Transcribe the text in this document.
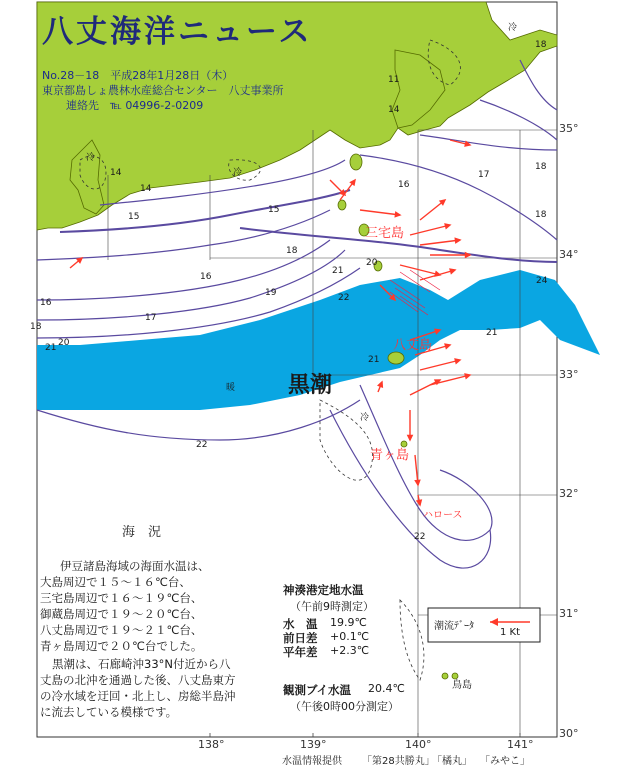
八丈海洋ニュース
No.28－18　平成28年1月28日（木）
東京都島しょ農林水産総合センター　八丈事業所
連絡先　℡ 04996-2-0209
黒潮
三宅島
八丈島
青ヶ島
鳥島
ハロース
14
14
15
15
16
16
16
17
18
18
18
19
20
21
21
21
22
22
22
20
21
24
18
18
17
14
11
冷
冷
冷
冷
暖
138°	139°	140°	141°
35°
34°
33°
32°
31°
30°
潮流ﾃﾞｰﾀ
1 Kt
海　況
伊豆諸島海域の海面水温は、
大島周辺で１５～１６℃台、
三宅島周辺で１６～１９℃台、
御蔵島周辺で１９～２０℃台、
八丈島周辺で１９～２１℃台、
青ヶ島周辺で２０℃台でした。
黒潮は、石廊崎沖33°N付近から八
丈島の北沖を通過した後、八丈島東方
の冷水域を迂回・北上し、房総半島沖
に流去している模様です。
神湊港定地水温
（午前9時測定）
水　温 19.9℃
前日差 +0.1℃
平年差 +2.3℃
観測ブイ水温 20.4℃
（午後0時00分測定）
水温情報提供 「第28共勝丸」
「橘丸」 「みやこ」
